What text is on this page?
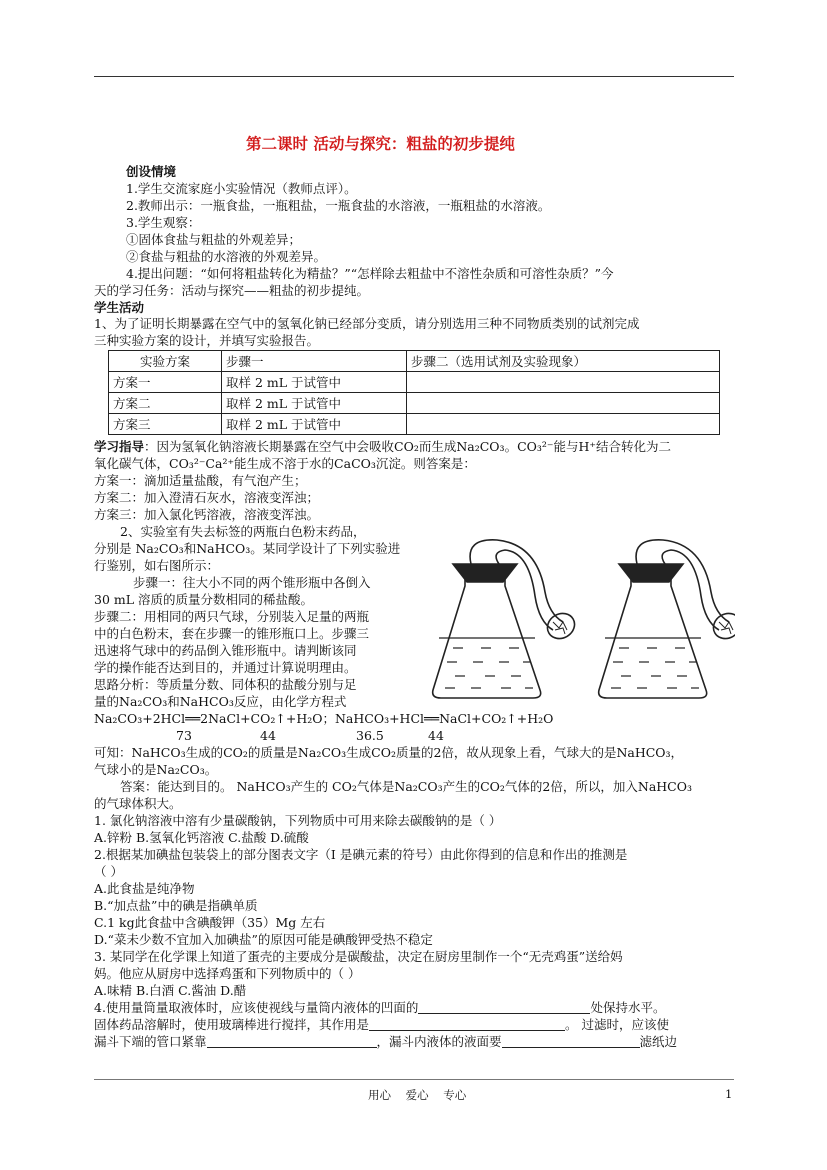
第二课时 活动与探究：粗盐的初步提纯
创设情境
1.学生交流家庭小实验情况（教师点评）。
2.教师出示：一瓶食盐，一瓶粗盐，一瓶食盐的水溶液，一瓶粗盐的水溶液。
3.学生观察：
①固体食盐与粗盐的外观差异；
②食盐与粗盐的水溶液的外观差异。
4.提出问题：“如何将粗盐转化为精盐？”“怎样除去粗盐中不溶性杂质和可溶性杂质？”今
天的学习任务：活动与探究——粗盐的初步提纯。
学生活动
1、为了证明长期暴露在空气中的氢氧化钠已经部分变质，请分别选用三种不同物质类别的试剂完成
三种实验方案的设计，并填写实验报告。
实验方案	步骤一	步骤二（选用试剂及实验现象）
方案一	取样 2 mL 于试管中	
方案二	取样 2 mL 于试管中	
方案三	取样 2 mL 于试管中	
学习指导：因为氢氧化钠溶液长期暴露在空气中会吸收CO₂而生成Na₂CO₃。CO₃²⁻能与H⁺结合转化为二
氧化碳气体，CO₃²⁻Ca²⁺能生成不溶于水的CaCO₃沉淀。则答案是：
方案一：滴加适量盐酸，有气泡产生；
方案二：加入澄清石灰水，溶液变浑浊；
方案三：加入氯化钙溶液，溶液变浑浊。
2、实验室有失去标签的两瓶白色粉末药品，
分别是 Na₂CO₃和NaHCO₃。某同学设计了下列实验进
行鉴别，如右图所示：
步骤一：往大小不同的两个锥形瓶中各倒入
30 mL 溶质的质量分数相同的稀盐酸。
步骤二：用相同的两只气球，分别装入足量的两瓶
中的白色粉末，套在步骤一的锥形瓶口上。步骤三
迅速将气球中的药品倒入锥形瓶中。请判断该同
学的操作能否达到目的，并通过计算说明理由。
思路分析：等质量分数、同体积的盐酸分别与足
量的Na₂CO₃和NaHCO₃反应，由化学方程式
Na₂CO₃+2HCl══2NaCl+CO₂↑+H₂O；NaHCO₃+HCl══NaCl+CO₂↑+H₂O
73	44	36.5	44
可知：NaHCO₃生成的CO₂的质量是Na₂CO₃生成CO₂质量的2倍，故从现象上看，气球大的是NaHCO₃，
气球小的是Na₂CO₃。
答案：能达到目的。 NaHCO₃产生的 CO₂气体是Na₂CO₃产生的CO₂气体的2倍，所以，加入NaHCO₃
的气球体积大。
1. 氯化钠溶液中溶有少量碳酸钠，下列物质中可用来除去碳酸钠的是（ ）
A.锌粉 B.氢氧化钙溶液 C.盐酸 D.硫酸
2.根据某加碘盐包装袋上的部分图表文字（I 是碘元素的符号）由此你得到的信息和作出的推测是
（ ）
A.此食盐是纯净物
B.“加点盐”中的碘是指碘单质
C.1 kg此食盐中含碘酸钾（35）Mg 左右
D.“菜未少数不宜加入加碘盐”的原因可能是碘酸钾受热不稳定
3. 某同学在化学课上知道了蛋壳的主要成分是碳酸盐，决定在厨房里制作一个“无壳鸡蛋”送给妈
妈。他应从厨房中选择鸡蛋和下列物质中的（ ）
A.味精 B.白酒 C.酱油 D.醋
4.使用量筒量取液体时，应该使视线与量筒内液体的凹面的	处保持水平。
固体药品溶解时，使用玻璃棒进行搅拌，其作用是	。 过滤时，应该使
漏斗下端的管口紧靠	，漏斗内液体的液面要	滤纸边
用心    爱心    专心	1
